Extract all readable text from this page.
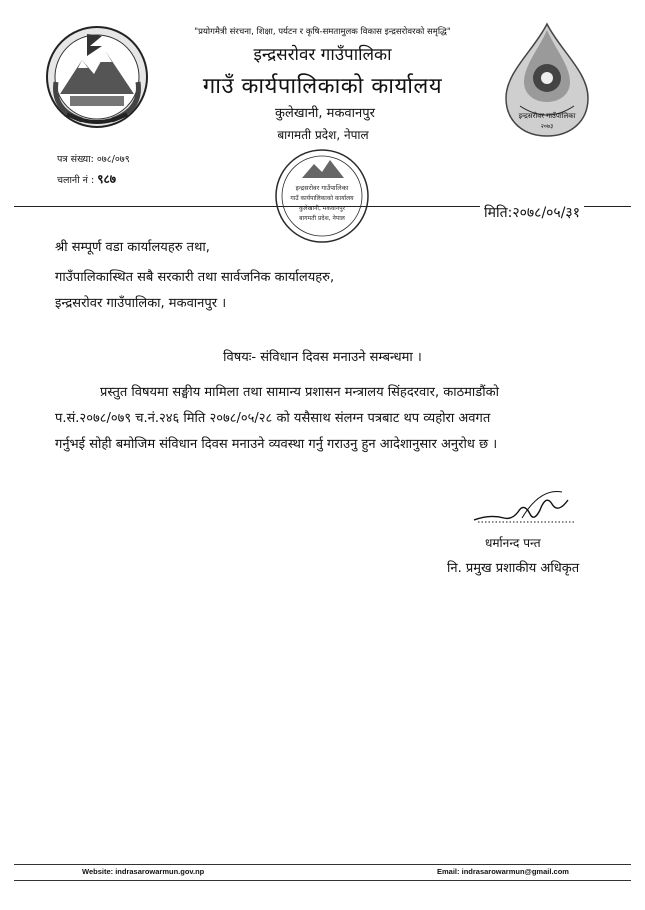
इन्द्रसरोवर गाउँपालिका
२०७३
"प्रयोगमैत्री संरचना, शिक्षा, पर्यटन र कृषि-समतामुलक विकास इन्द्रसरोवरको समृद्धि"
इन्द्रसरोवर गाउँपालिका
गाउँ कार्यपालिकाको कार्यालय
कुलेखानी, मकवानपुर
बागमती प्रदेश, नेपाल
पत्र संख्या: ०७८/०७९
चलानी नं : ९८७
इन्द्रसरोवर गाउँपालिका
गाउँ कार्यपालिकाको कार्यालय
कुलेखानी, मकवानपुर
बागमती प्रदेश, नेपाल	मिति:२०७८/०५/३१
श्री सम्पूर्ण वडा कार्यालयहरु तथा,
गाउँपालिकास्थित सबै सरकारी तथा सार्वजनिक कार्यालयहरु,
इन्द्रसरोवर गाउँपालिका, मकवानपुर ।
विषयः- संविधान दिवस मनाउने सम्बन्धमा ।
प्रस्तुत विषयमा सङ्घीय मामिला तथा सामान्य प्रशासन मन्त्रालय सिंहदरवार, काठमाडौंको
प.सं.२०७८/०७९ च.नं.२४६ मिति २०७८/०५/२८ को यसैसाथ संलग्न पत्रबाट थप व्यहोरा अवगत
गर्नुभई सोही बमोजिम संविधान दिवस मनाउने व्यवस्था गर्नु गराउनु हुन आदेशानुसार अनुरोध छ ।
धर्मानन्द पन्त
नि. प्रमुख प्रशाकीय अधिकृत
Website: indrasarowarmun.gov.np	Email: indrasarowarmun@gmail.com
